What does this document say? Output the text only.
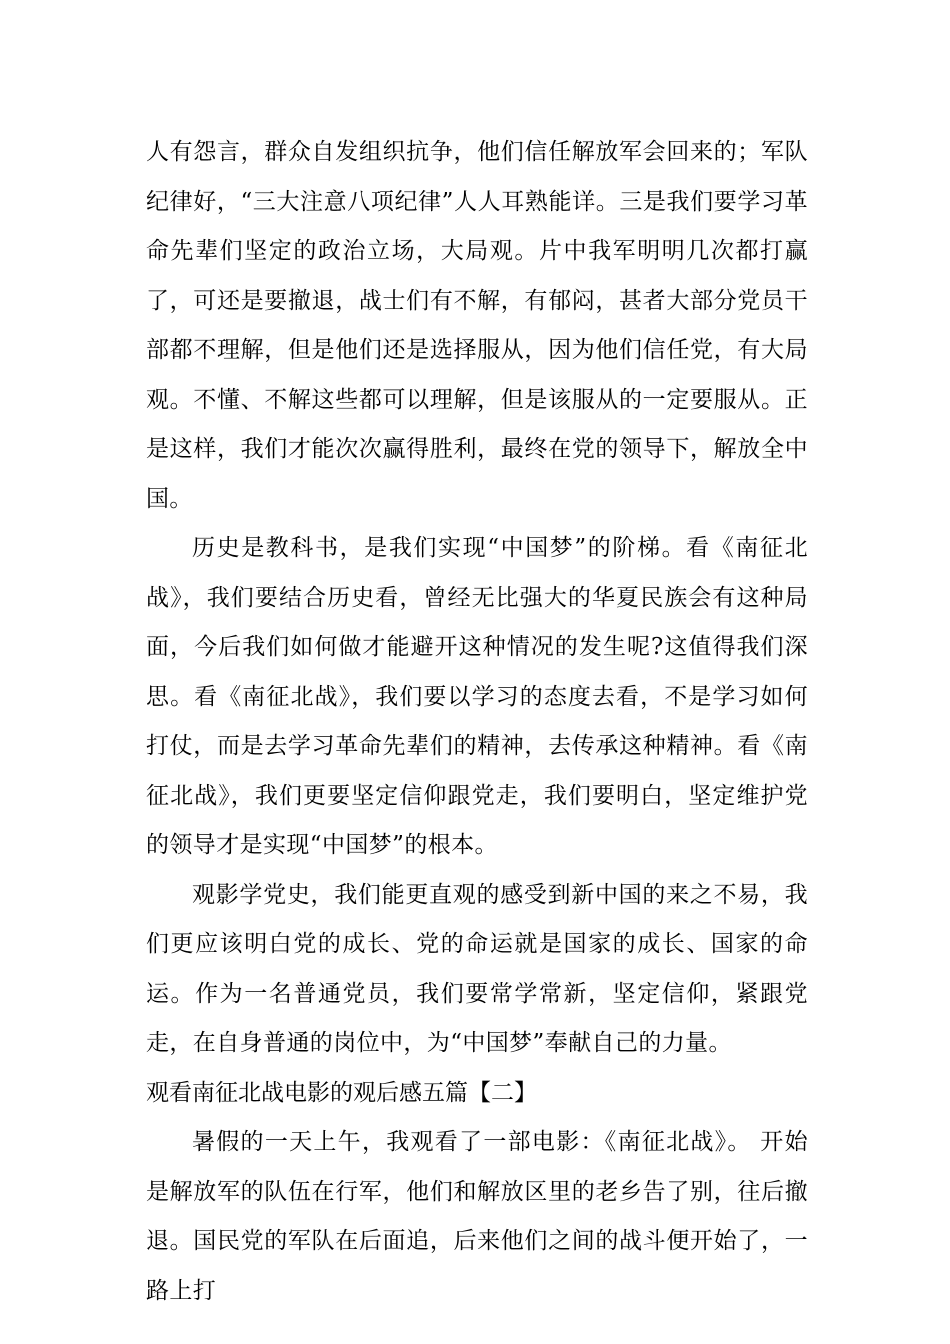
人有怨言，群众自发组织抗争，他们信任解放军会回来的；军队纪律好，“三大注意八项纪律”人人耳熟能详。三是我们要学习革命先辈们坚定的政治立场，大局观。片中我军明明几次都打赢了，可还是要撤退，战士们有不解，有郁闷，甚者大部分党员干部都不理解，但是他们还是选择服从，因为他们信任党，有大局观。不懂、不解这些都可以理解，但是该服从的一定要服从。正是这样，我们才能次次赢得胜利，最终在党的领导下，解放全中国。

历史是教科书，是我们实现“中国梦”的阶梯。看《南征北战》，我们要结合历史看，曾经无比强大的华夏民族会有这种局面，今后我们如何做才能避开这种情况的发生呢?这值得我们深思。看《南征北战》，我们要以学习的态度去看，不是学习如何打仗，而是去学习革命先辈们的精神，去传承这种精神。看《南征北战》，我们更要坚定信仰跟党走，我们要明白，坚定维护党的领导才是实现“中国梦”的根本。

观影学党史，我们能更直观的感受到新中国的来之不易，我们更应该明白党的成长、党的命运就是国家的成长、国家的命运。作为一名普通党员，我们要常学常新，坚定信仰，紧跟党走，在自身普通的岗位中，为“中国梦”奉献自己的力量。

观看南征北战电影的观后感五篇【二】

暑假的一天上午，我观看了一部电影：《南征北战》。 开始是解放军的队伍在行军，他们和解放区里的老乡告了别，往后撤退。国民党的军队在后面追，后来他们之间的战斗便开始了，一路上打
